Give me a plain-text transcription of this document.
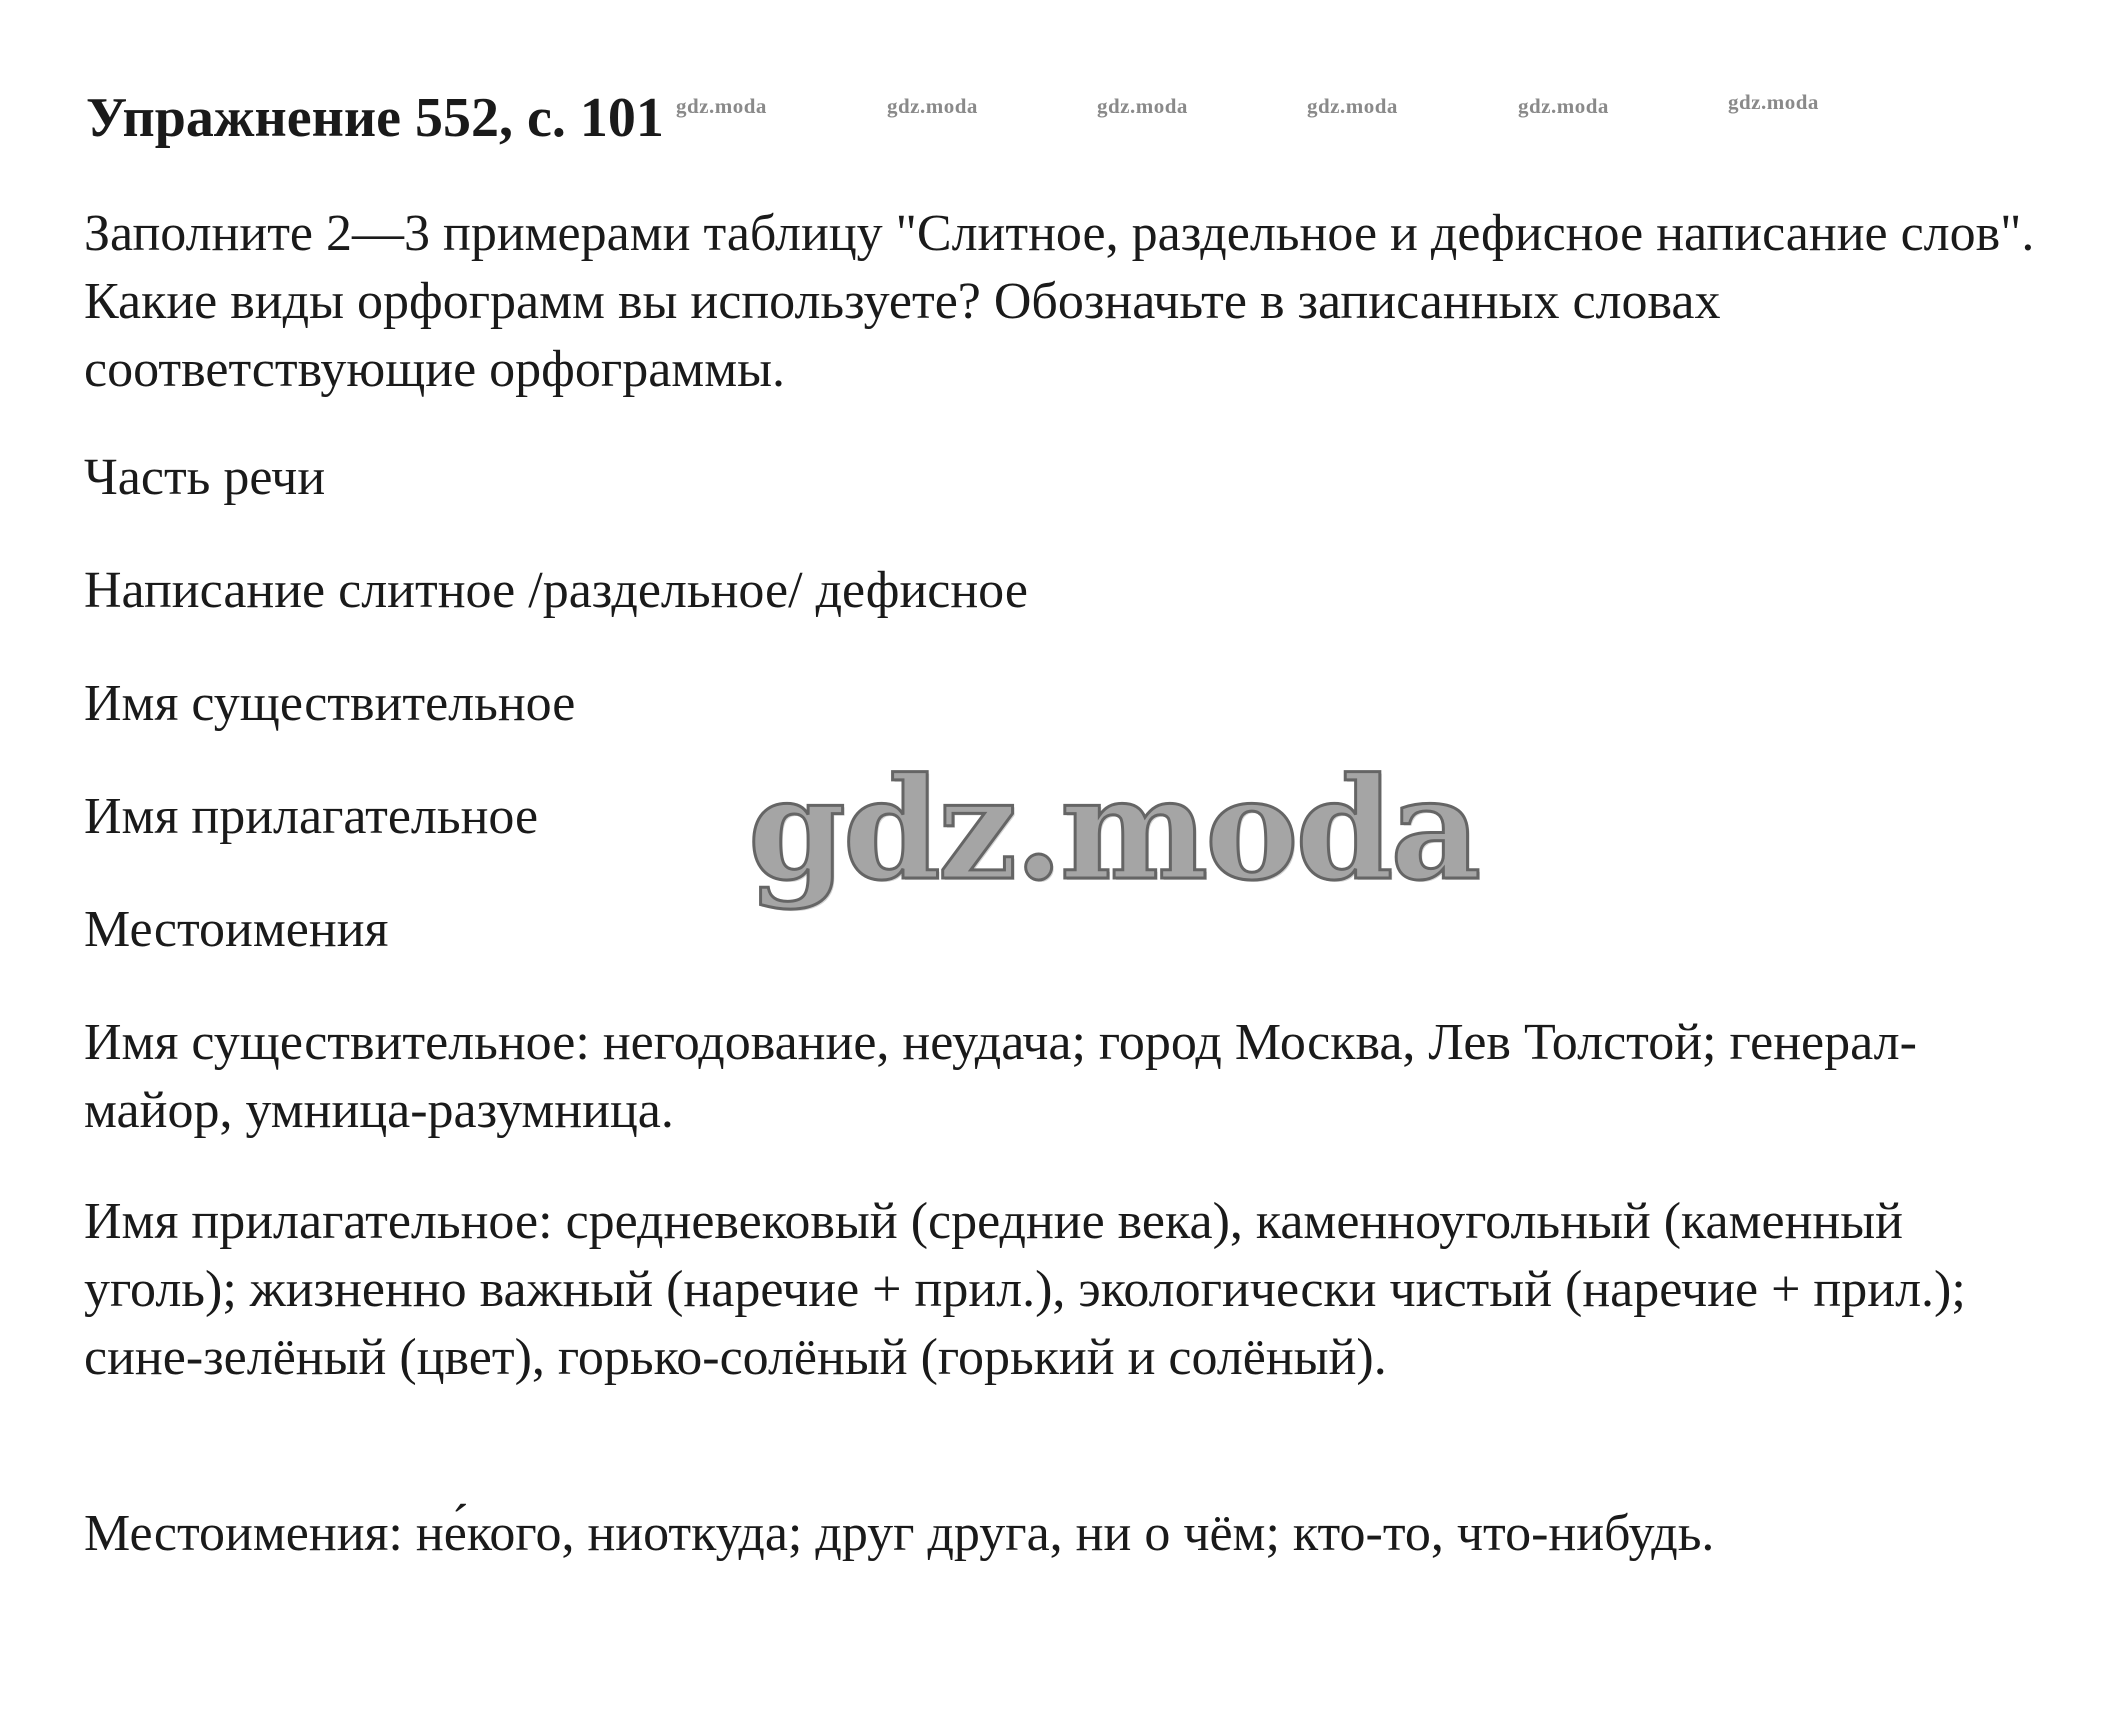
Упражнение 552, с. 101 gdz.moda	gdz.moda	gdz.moda	gdz.moda	gdz.moda	gdz.moda

Заполните 2—3 примерами таблицу "Слитное, раздельное и дефисное написание слов". Какие виды орфограмм вы используете? Обозначьте в записанных словах соответствующие орфограммы.

Часть речи

Написание слитное /раздельное/ дефисное

Имя существительное

Имя прилагательное

Местоимения

Имя существительное: негодование, неудача; город Москва, Лев Толстой; генерал-майор, умница-разумница.

Имя прилагательное: средневековый (средние века), каменноугольный (каменный уголь); жизненно важный (наречие + прил.), экологически чистый (наречие + прил.); сине-зелёный (цвет), горько-солёный (горький и солёный).

Местоимения: не́кого, ниоткуда; друг друга, ни о чём; кто-то, что-нибудь.

gdz.moda
